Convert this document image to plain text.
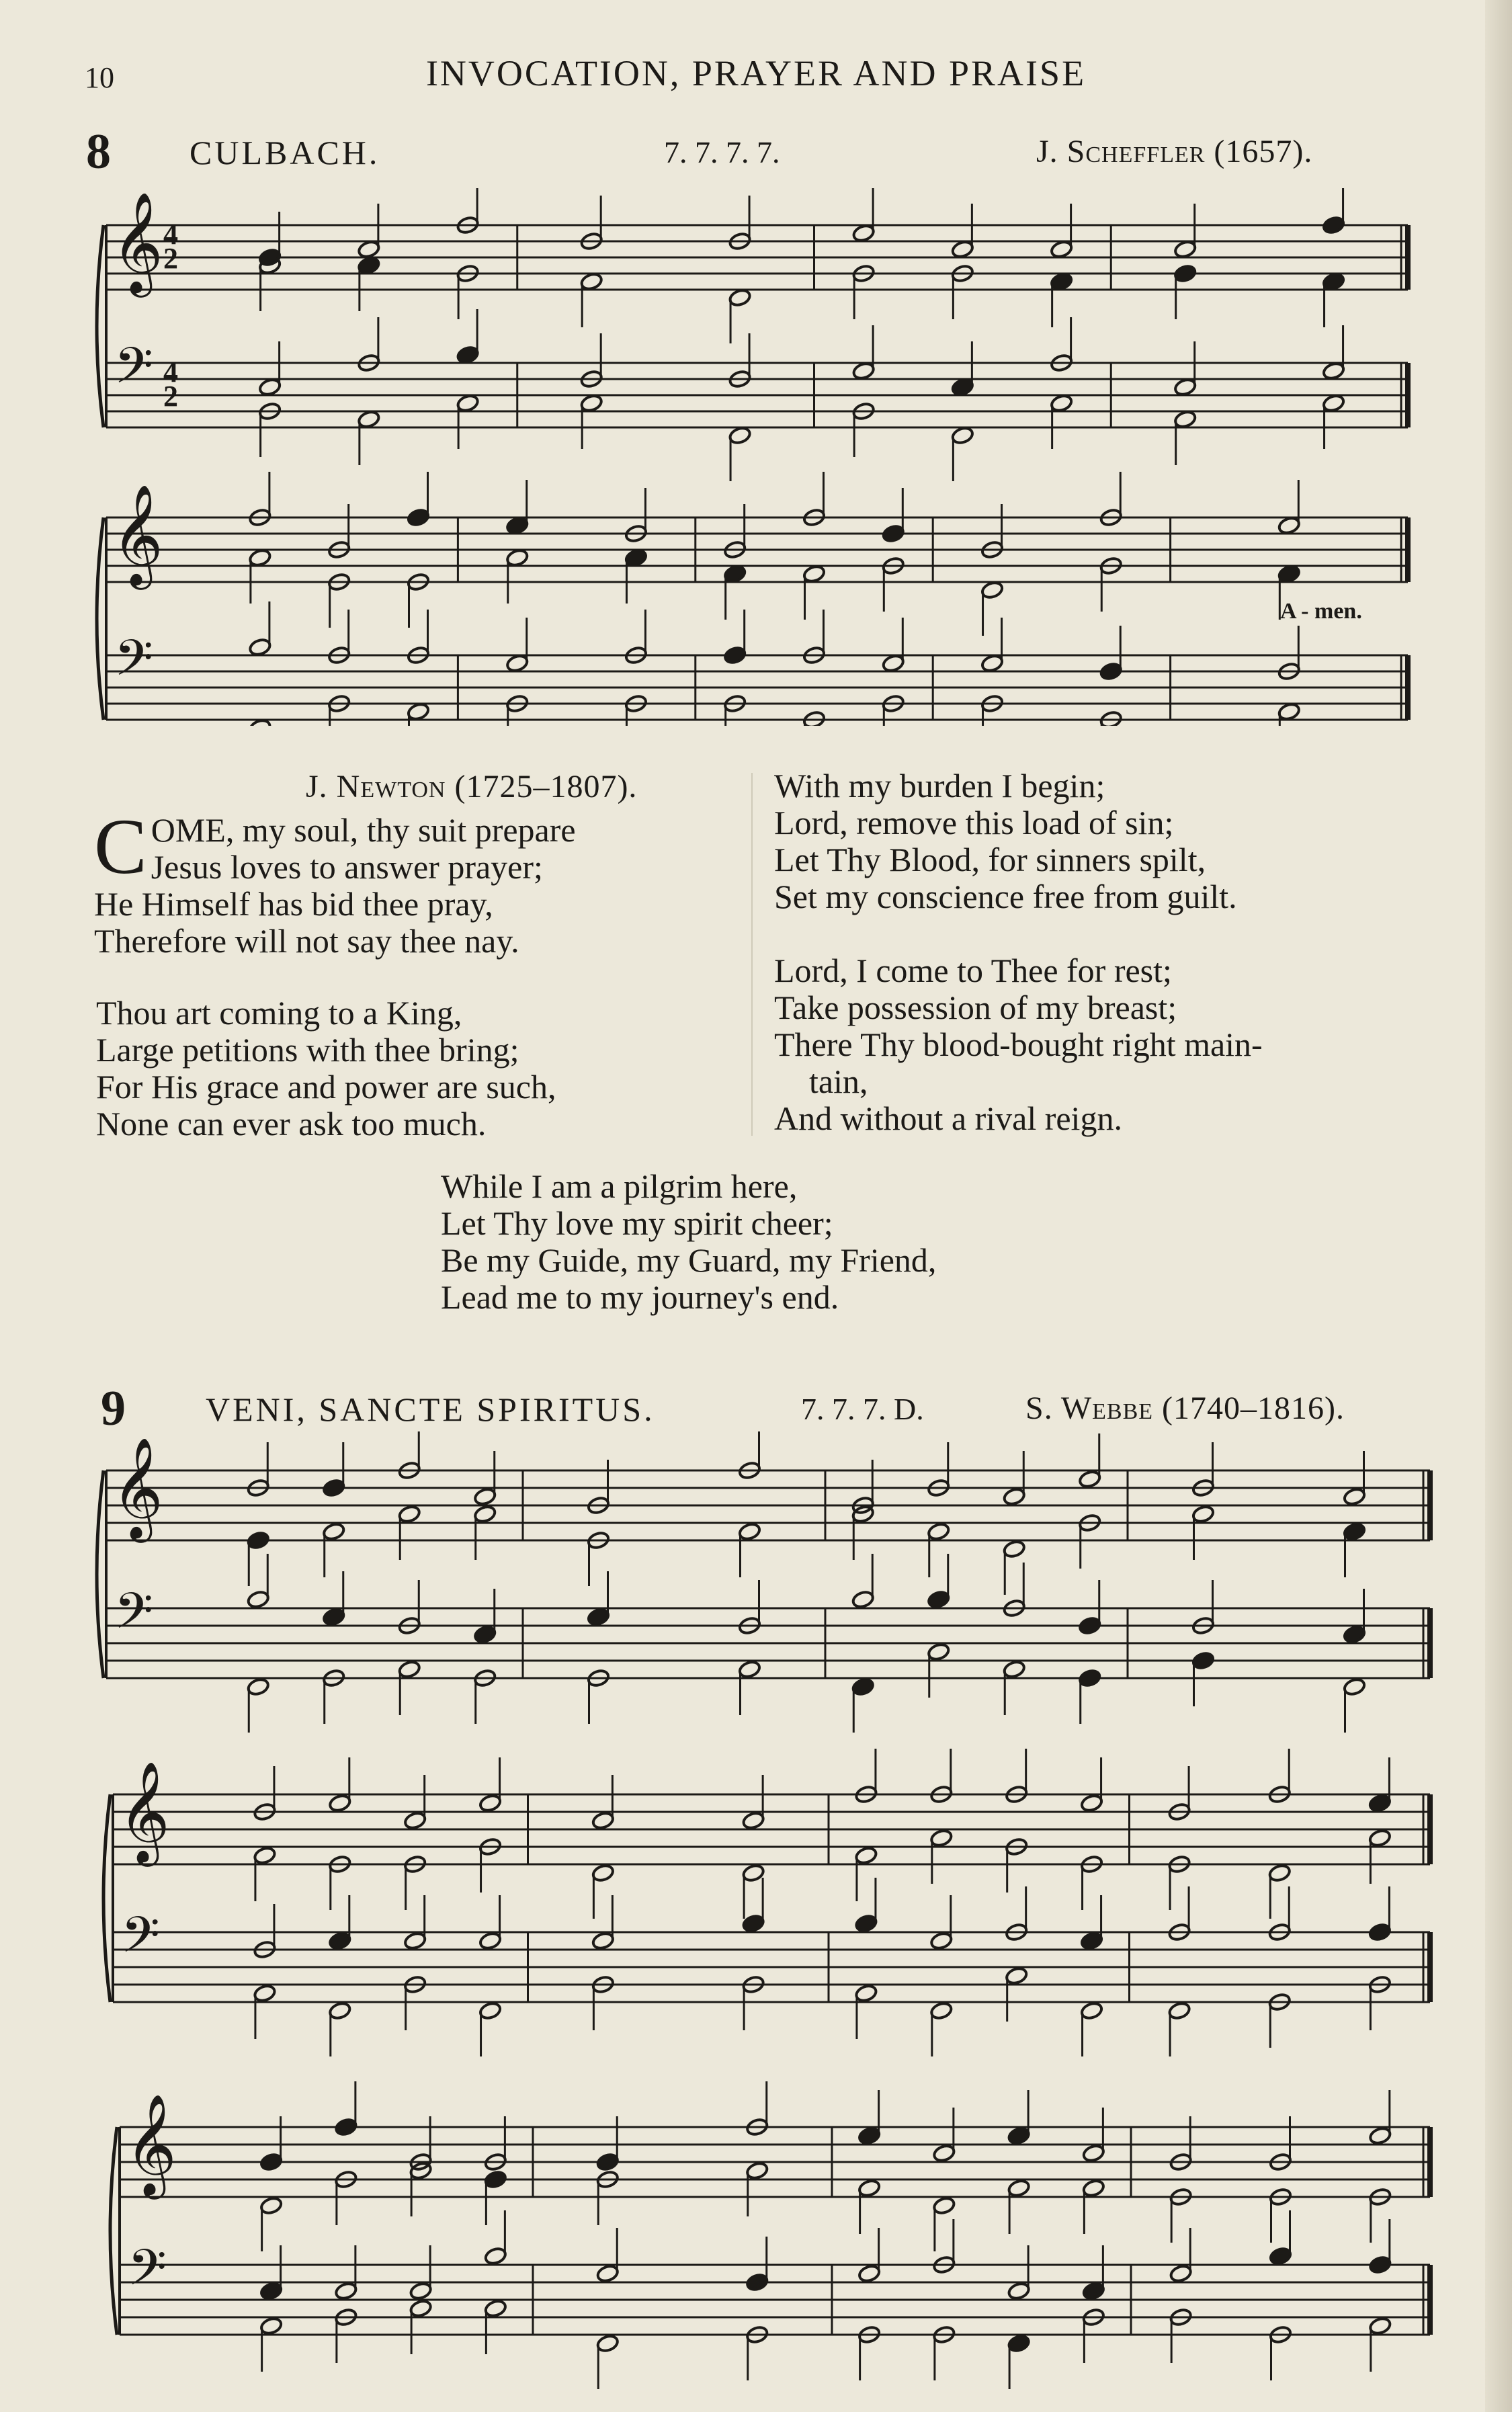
10	INVOCATION, PRAYER AND PRAISE
8 CULBACH.	7. 7. 7. 7.	J. Scheffler (1657).
𝄞
𝄢
4
2
4
2
𝄞
𝄢
A - men.
J. Newton (1725–1807).
C OME, my soul, thy suit prepare
Jesus loves to answer prayer;
He Himself has bid thee pray,
Therefore will not say thee nay.
Thou art coming to a King,
Large petitions with thee bring;
For His grace and power are such,
None can ever ask too much.
With my burden I begin;
Lord, remove this load of sin;
Let Thy Blood, for sinners spilt,
Set my conscience free from guilt.
Lord, I come to Thee for rest;
Take possession of my breast;
There Thy blood-bought right main-
tain,
And without a rival reign.
While I am a pilgrim here,
Let Thy love my spirit cheer;
Be my Guide, my Guard, my Friend,
Lead me to my journey's end.
9 VENI, SANCTE SPIRITUS.	7. 7. 7. D.	S. Webbe (1740–1816).
𝄞
𝄢
𝄞
𝄢
𝄞
𝄢
